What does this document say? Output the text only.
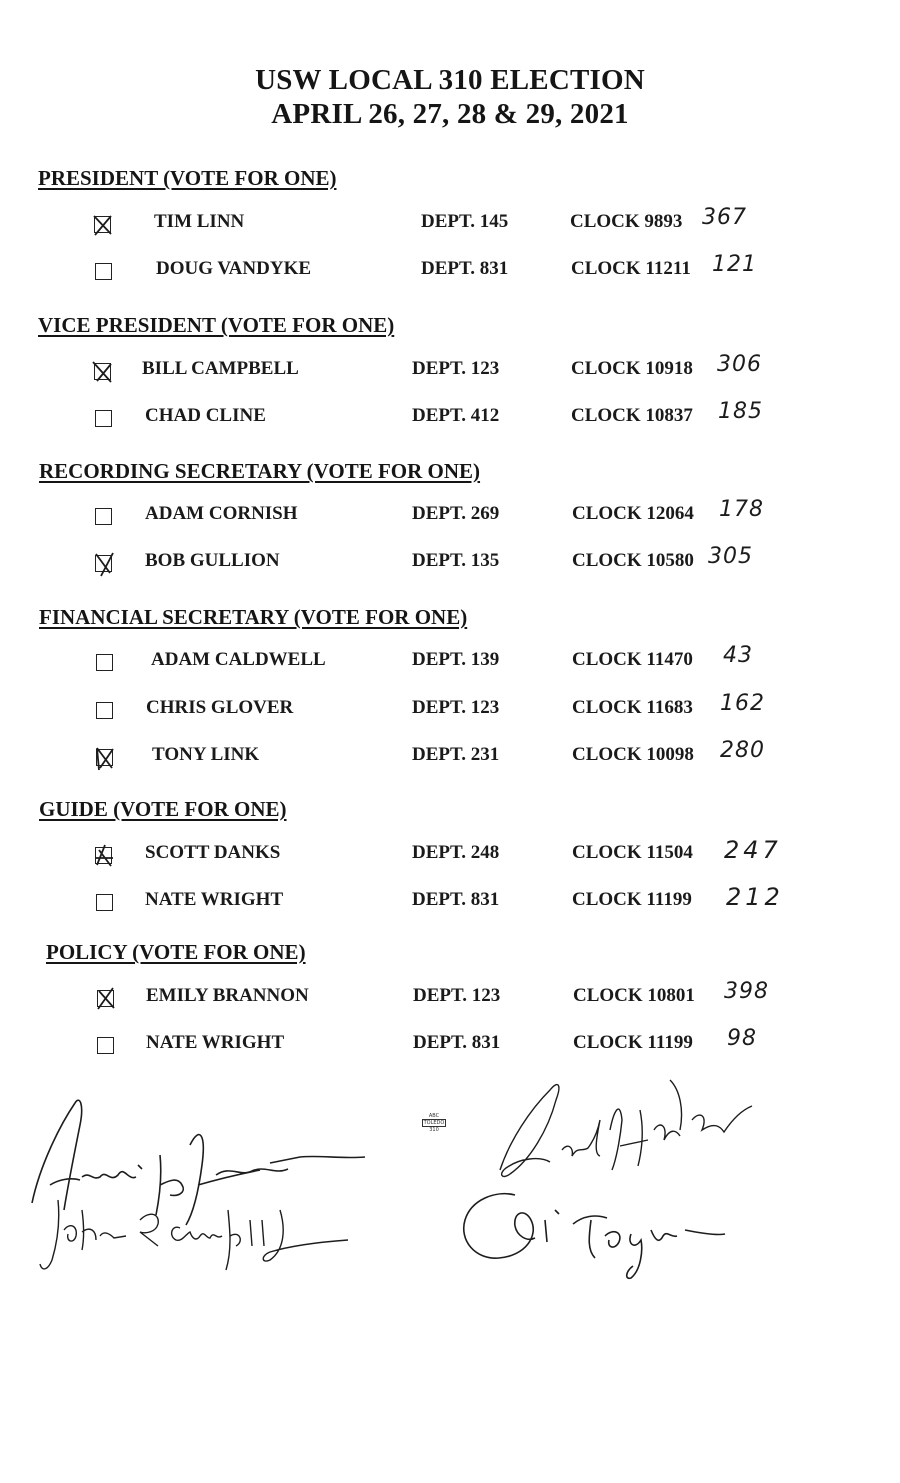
USW LOCAL 310 ELECTION
APRIL 26, 27, 28 & 29, 2021
PRESIDENT (VOTE FOR ONE)
TIM LINN	DEPT. 145	CLOCK 9893 367
DOUG VANDYKE	DEPT. 831	CLOCK 11211 121
VICE PRESIDENT (VOTE FOR ONE)
BILL CAMPBELL	DEPT. 123	CLOCK 10918 306
CHAD CLINE	DEPT. 412	CLOCK 10837 185
RECORDING SECRETARY (VOTE FOR ONE)
ADAM CORNISH	DEPT. 269	CLOCK 12064 178
BOB GULLION	DEPT. 135	CLOCK 10580 305
FINANCIAL SECRETARY (VOTE FOR ONE)
ADAM CALDWELL	DEPT. 139	CLOCK 11470 43
CHRIS GLOVER	DEPT. 123	CLOCK 11683 162
TONY LINK	DEPT. 231	CLOCK 10098 280
GUIDE (VOTE FOR ONE)
SCOTT DANKS	DEPT. 248	CLOCK 11504 247
NATE WRIGHT	DEPT. 831	CLOCK 11199 212
POLICY (VOTE FOR ONE)
EMILY BRANNON	DEPT. 123	CLOCK 10801 398
NATE WRIGHT	DEPT. 831	CLOCK 11199 98
ABC
TOLEDO
310
